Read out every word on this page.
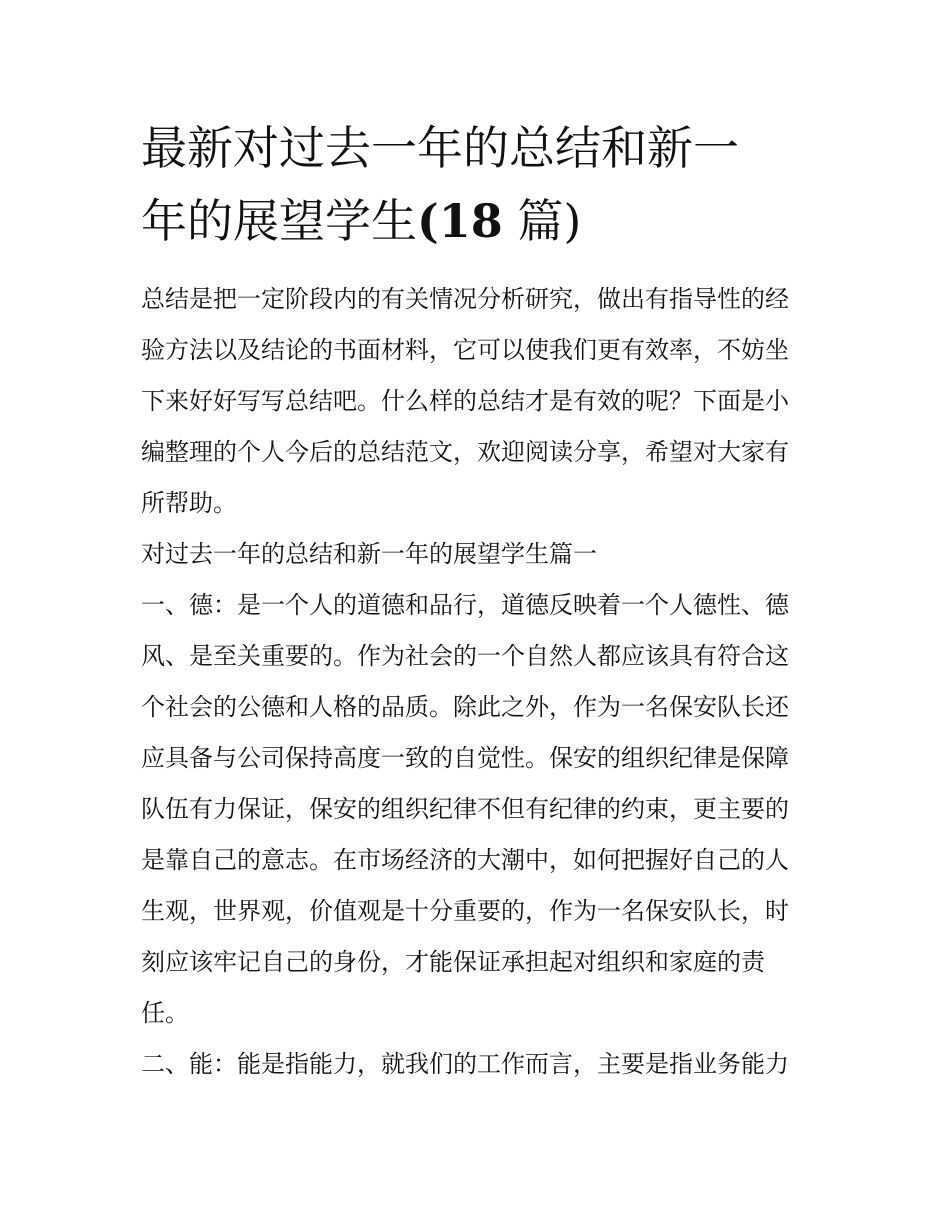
最新对过去一年的总结和新一
年的展望学生(18 篇)

总结是把一定阶段内的有关情况分析研究，做出有指导性的经
验方法以及结论的书面材料，它可以使我们更有效率，不妨坐
下来好好写写总结吧。什么样的总结才是有效的呢？下面是小
编整理的个人今后的总结范文，欢迎阅读分享，希望对大家有
所帮助。

对过去一年的总结和新一年的展望学生篇一

一、德：是一个人的道德和品行，道德反映着一个人德性、德
风、是至关重要的。作为社会的一个自然人都应该具有符合这
个社会的公德和人格的品质。除此之外，作为一名保安队长还
应具备与公司保持高度一致的自觉性。保安的组织纪律是保障
队伍有力保证，保安的组织纪律不但有纪律的约束，更主要的
是靠自己的意志。在市场经济的大潮中，如何把握好自己的人
生观，世界观，价值观是十分重要的，作为一名保安队长，时
刻应该牢记自己的身份，才能保证承担起对组织和家庭的责
任。

二、能：能是指能力，就我们的工作而言，主要是指业务能力
